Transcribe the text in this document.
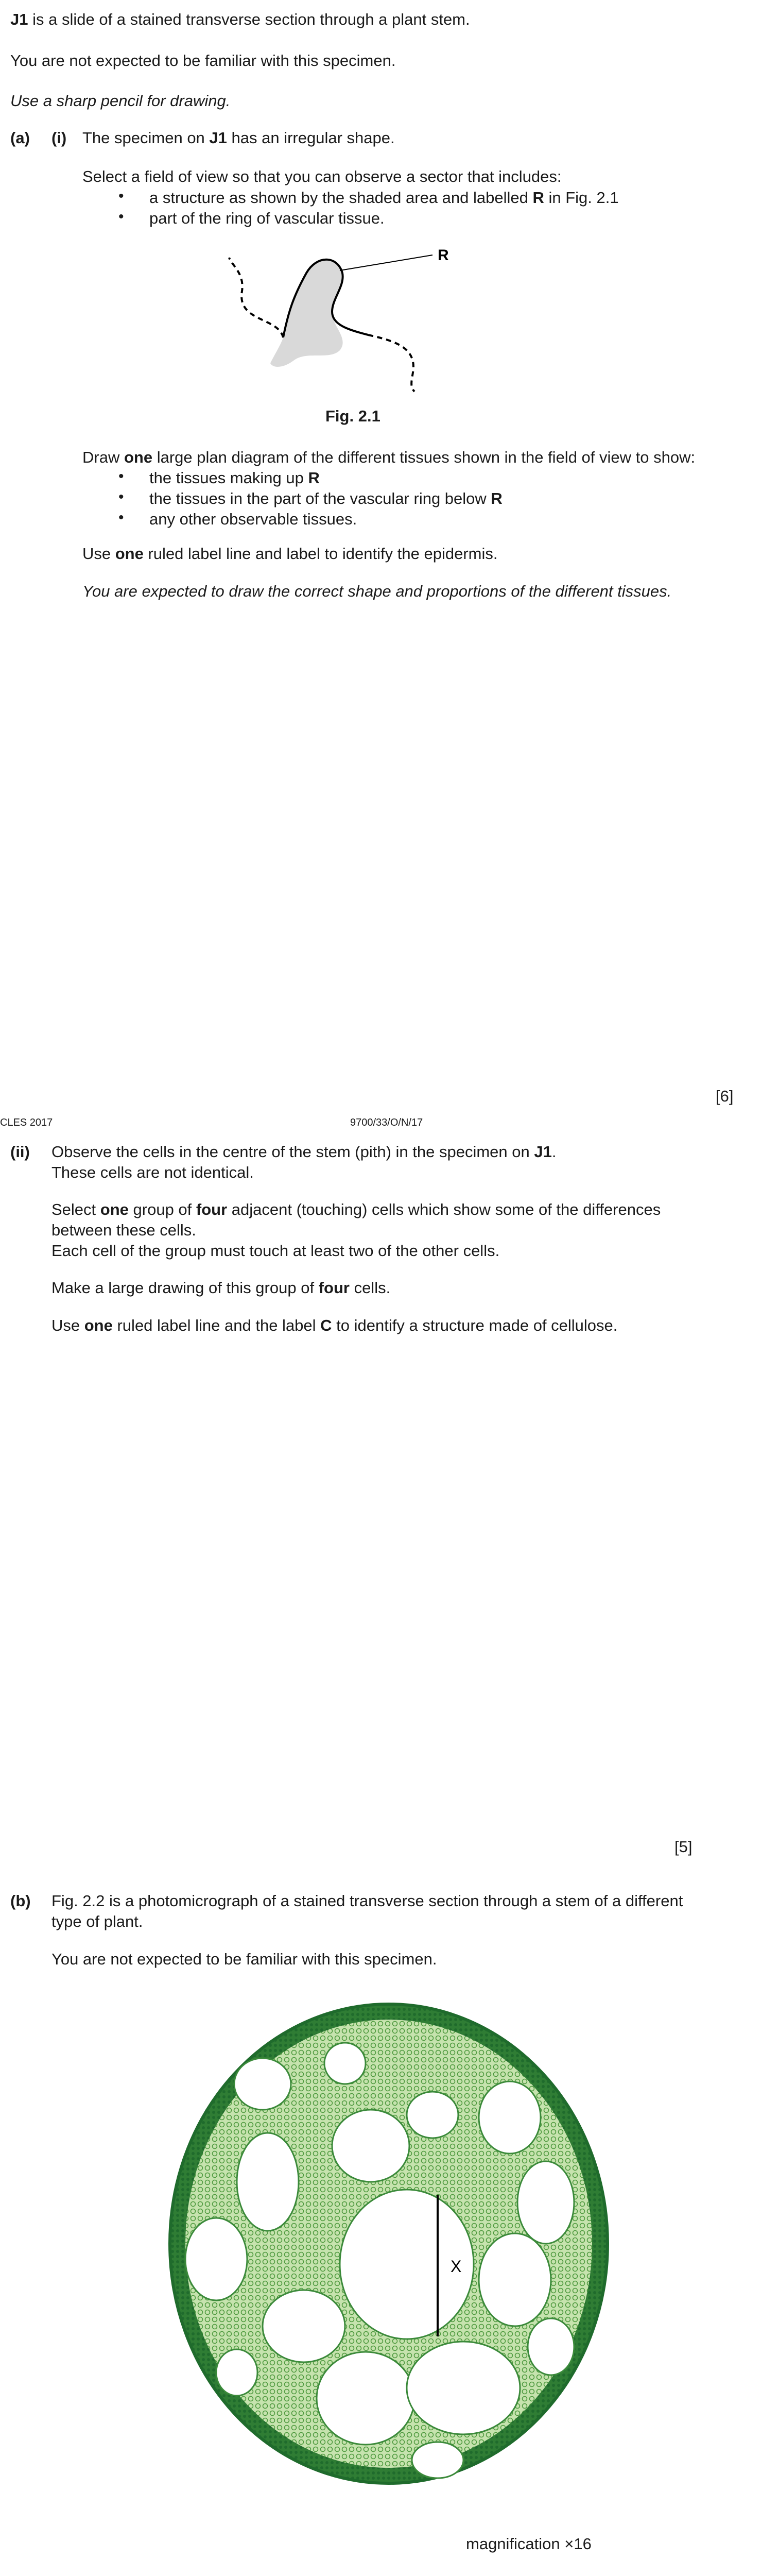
J1 is a slide of a stained transverse section through a plant stem.

You are not expected to be familiar with this specimen.

Use a sharp pencil for drawing.

(a) (i) The specimen on J1 has an irregular shape.

Select a field of view so that you can observe a sector that includes:

• a structure as shown by the shaded area and labelled R in Fig. 2.1
• part of the ring of vascular tissue.
R

Fig. 2.1

Draw one large plan diagram of the different tissues shown in the field of view to show:

• the tissues making up R
• the tissues in the part of the vascular ring below R
• any other observable tissues.

Use one ruled label line and label to identify the epidermis.

You are expected to draw the correct shape and proportions of the different tissues.

[6]

CLES 2017	9700/33/O/N/17

(ii) Observe the cells in the centre of the stem (pith) in the specimen on J1.

These cells are not identical.

Select one group of four adjacent (touching) cells which show some of the differences

between these cells.

Each cell of the group must touch at least two of the other cells.

Make a large drawing of this group of four cells.

Use one ruled label line and the label C to identify a structure made of cellulose.

[5]

(b) Fig. 2.2 is a photomicrograph of a stained transverse section through a stem of a different

type of plant.

You are not expected to be familiar with this specimen.

X

magnification ×16
